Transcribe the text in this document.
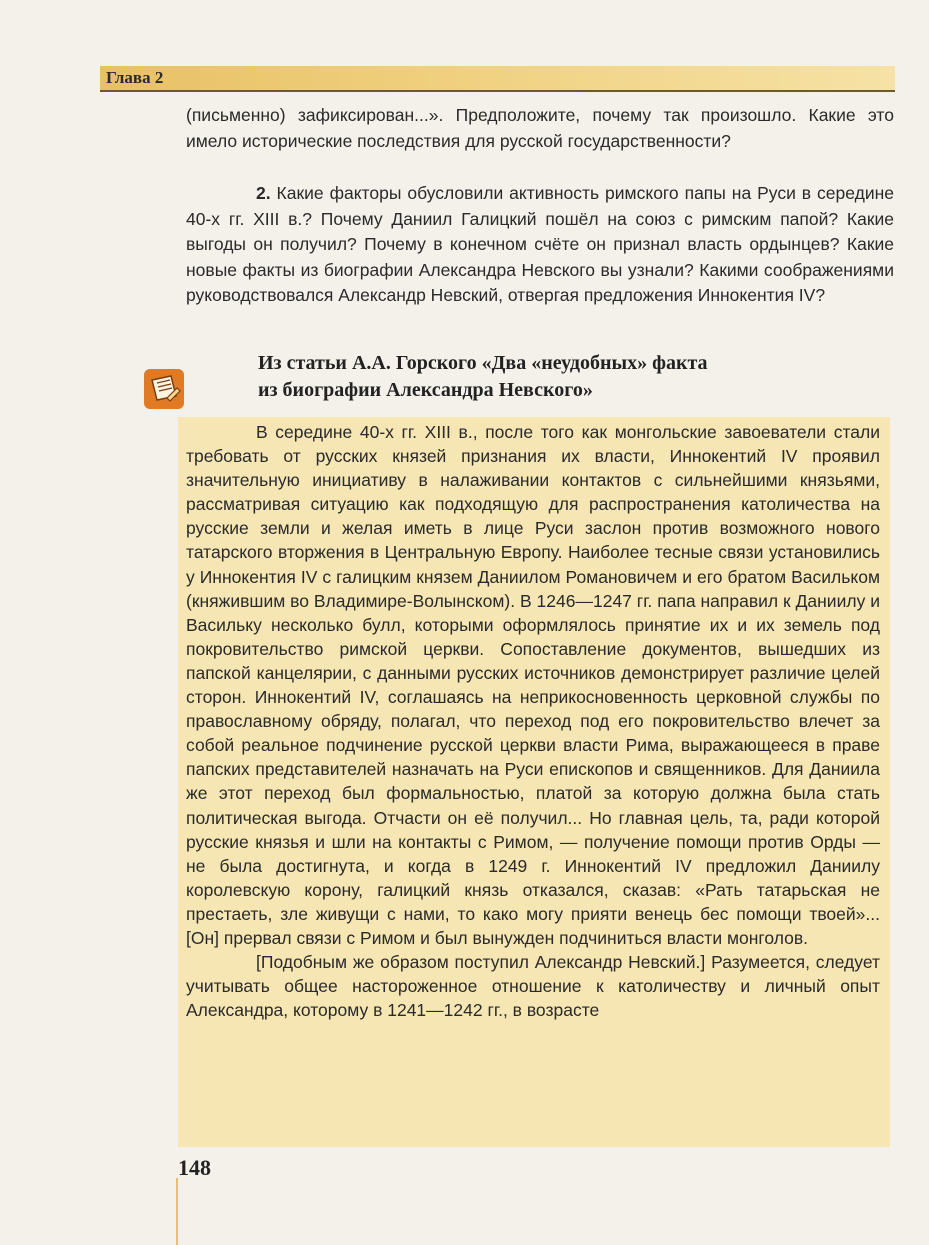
Глава 2

(письменно) зафиксирован...». Предположите, почему так произошло. Какие это имело исторические последствия для русской государственности?

2. Какие факторы обусловили активность римского папы на Руси в середине 40-х гг. XIII в.? Почему Даниил Галицкий пошёл на союз с римским папой? Какие выгоды он получил? Почему в конечном счёте он признал власть ордынцев? Какие новые факты из биографии Александра Невского вы узнали? Какими соображениями руководствовался Александр Невский, отвергая предложения Иннокентия IV?

Из статьи А.А. Горского «Два «неудобных» факта
из биографии Александра Невского»

В середине 40-х гг. XIII в., после того как монгольские завоеватели стали требовать от русских князей признания их власти, Иннокентий IV проявил значительную инициативу в налаживании контактов с сильнейшими князьями, рассматривая ситуацию как подходящую для распространения католичества на русские земли и желая иметь в лице Руси заслон против возможного нового татарского вторжения в Центральную Европу. Наиболее тесные связи установились у Иннокентия IV с галицким князем Даниилом Романовичем и его братом Васильком (княжившим во Владимире-Волынском). В 1246—1247 гг. папа направил к Даниилу и Васильку несколько булл, которыми оформлялось принятие их и их земель под покровительство римской церкви. Сопоставление документов, вышедших из папской канцелярии, с данными русских источников демонстрирует различие целей сторон. Иннокентий IV, соглашаясь на неприкосновенность церковной службы по православному обряду, полагал, что переход под его покровительство влечет за собой реальное подчинение русской церкви власти Рима, выражающееся в праве папских представителей назначать на Руси епископов и священников. Для Даниила же этот переход был формальностью, платой за которую должна была стать политическая выгода. Отчасти он её получил... Но главная цель, та, ради которой русские князья и шли на контакты с Римом, — получение помощи против Орды — не была достигнута, и когда в 1249 г. Иннокентий IV предложил Даниилу королевскую корону, галицкий князь отказался, сказав: «Рать татарьская не престаеть, зле живущи с нами, то како могу прияти венець бес помощи твоей»... [Он] прервал связи с Римом и был вынужден подчиниться власти монголов.

[Подобным же образом поступил Александр Невский.] Разумеется, следует учитывать общее настороженное отношение к католичеству и личный опыт Александра, которому в 1241—1242 гг., в возрасте

148
